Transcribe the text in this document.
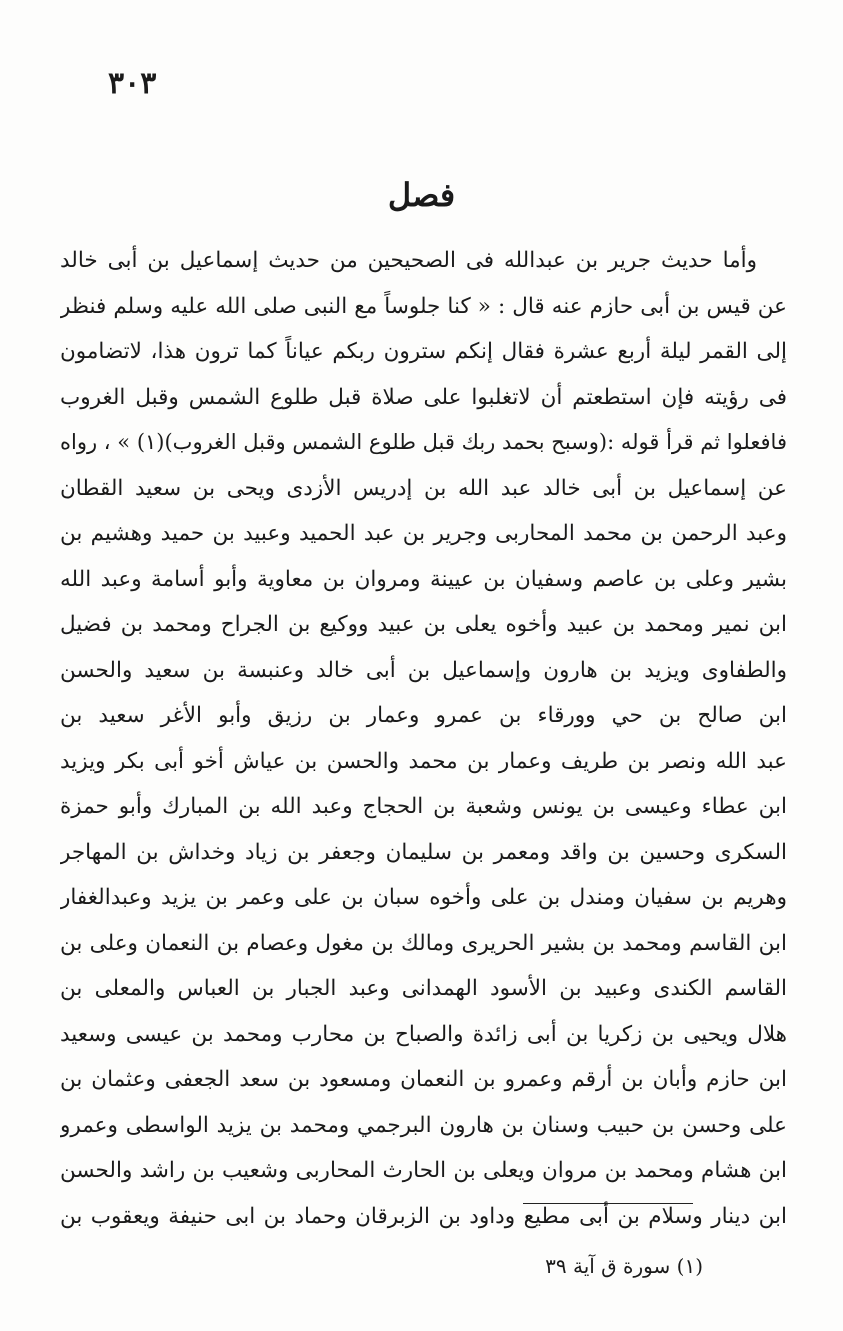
٣٠٣
فصل
وأما حديث جرير بن عبدالله فى الصحيحين من حديث إسماعيل بن أبى خالد
عن قيس بن أبى حازم عنه قال : « كنا جلوساً مع النبى صلى الله عليه وسلم فنظر
إلى القمر ليلة أربع عشرة فقال إنكم سترون ربكم عياناً كما ترون هذا، لاتضامون
فى رؤيته فإن استطعتم أن لاتغلبوا على صلاة قبل طلوع الشمس وقبل الغروب
فافعلوا ثم قرأ قوله :(وسبح بحمد ربك قبل طلوع الشمس وقبل الغروب)(١) » ، رواه
عن إسماعيل بن أبى خالد عبد الله بن إدريس الأزدى ويحى بن سعيد القطان
وعبد الرحمن بن محمد المحاربى وجرير بن عبد الحميد وعبيد بن حميد وهشيم بن
بشير وعلى بن عاصم وسفيان بن عيينة ومروان بن معاوية وأبو أسامة وعبد الله
ابن نمير ومحمد بن عبيد وأخوه يعلى بن عبيد ووكيع بن الجراح ومحمد بن فضيل
والطفاوى ويزيد بن هارون وإسماعيل بن أبى خالد وعنبسة بن سعيد والحسن
ابن صالح بن حي وورقاء بن عمرو وعمار بن رزيق وأبو الأغر سعيد بن
عبد الله ونصر بن طريف وعمار بن محمد والحسن بن عياش أخو أبى بكر ويزيد
ابن عطاء وعيسى بن يونس وشعبة بن الحجاج وعبد الله بن المبارك وأبو حمزة
السكرى وحسين بن واقد ومعمر بن سليمان وجعفر بن زياد وخداش بن المهاجر
وهريم بن سفيان ومندل بن على وأخوه سبان بن على وعمر بن يزيد وعبدالغفار
ابن القاسم ومحمد بن بشير الحريرى ومالك بن مغول وعصام بن النعمان وعلى بن
القاسم الكندى وعبيد بن الأسود الهمدانى وعبد الجبار بن العباس والمعلى بن
هلال ويحيى بن زكريا بن أبى زائدة والصباح بن محارب ومحمد بن عيسى وسعيد
ابن حازم وأبان بن أرقم وعمرو بن النعمان ومسعود بن سعد الجعفى وعثمان بن
على وحسن بن حبيب وسنان بن هارون البرجمي ومحمد بن يزيد الواسطى وعمرو
ابن هشام ومحمد بن مروان ويعلى بن الحارث المحاربى وشعيب بن راشد والحسن
ابن دينار وسلام بن أبى مطيع وداود بن الزبرقان وحماد بن ابى حنيفة ويعقوب بن
(١) سورة ق آية ٣٩
